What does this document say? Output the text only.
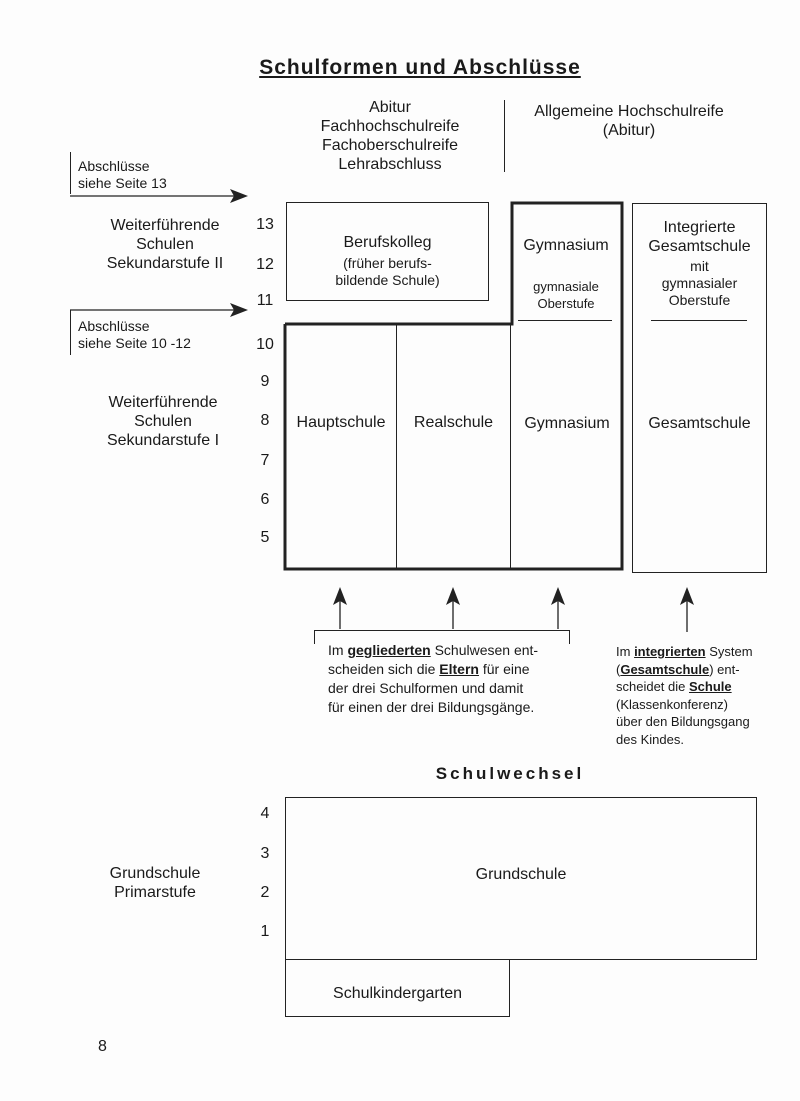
Schulformen und Abschlüsse
Abitur
Fachhochschulreife
Fachoberschulreife
Lehrabschluss
Allgemeine Hochschulreife
(Abitur)
Abschlüsse
siehe Seite 13
Abschlüsse
siehe Seite 10 -12
Weiterführende
Schulen
Sekundarstufe II
Weiterführende
Schulen
Sekundarstufe I
Grundschule
Primarstufe
13
12
11
10
9
8
7
6
5
Berufskolleg
(früher berufs-
bildende Schule)
Gymnasium
gymnasiale
Oberstufe
Hauptschule	Realschule	Gymnasium
Integrierte
Gesamtschule
mit
gymnasialer
Oberstufe
Gesamtschule
Im gegliederten Schulwesen ent-
scheiden sich die Eltern für eine
der drei Schulformen und damit
für einen der drei Bildungsgänge.
Im integrierten System
(Gesamtschule) ent-
scheidet die Schule
(Klassenkonferenz)
über den Bildungsgang
des Kindes.
Schulwechsel
4
3
2
1
Grundschule
Schulkindergarten
8
